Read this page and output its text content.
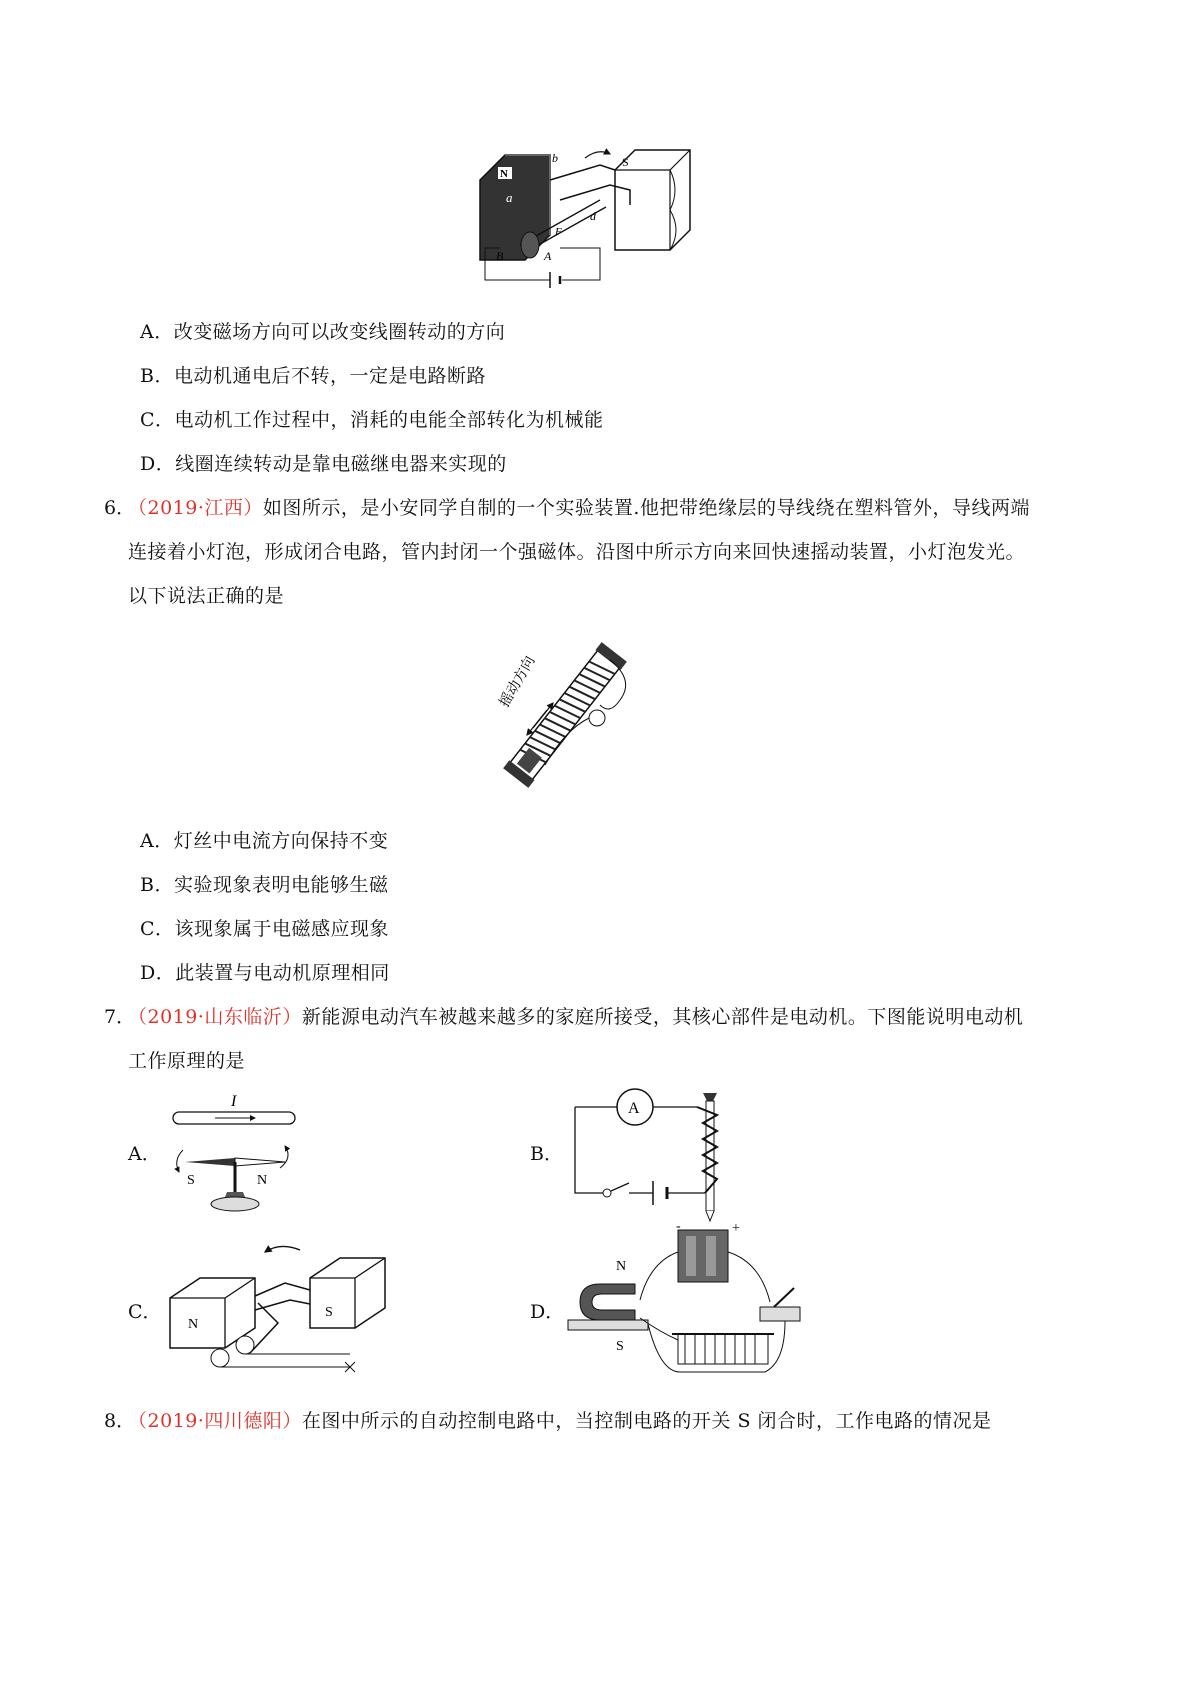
N
a
S
b
d
F
B	A
A．改变磁场方向可以改变线圈转动的方向
B．电动机通电后不转，一定是电路断路
C．电动机工作过程中，消耗的电能全部转化为机械能
D．线圈连续转动是靠电磁继电器来实现的
6．
（2019·江西）如图所示，是小安同学自制的一个实验装置.他把带绝缘层的导线绕在塑料管外，导线两端
连接着小灯泡，形成闭合电路，管内封闭一个强磁体。沿图中所示方向来回快速摇动装置，小灯泡发光。
以下说法正确的是
摇动方向
A．灯丝中电流方向保持不变
B．实验现象表明电能够生磁
C．该现象属于电磁感应现象
D．此装置与电动机原理相同
7．
（2019·山东临沂）新能源电动汽车被越来越多的家庭所接受，其核心部件是电动机。下图能说明电动机
工作原理的是
A．
I
S	N
B．
A
C．
N
S	D．
-	+
N
S
8．
（2019·四川德阳）在图中所示的自动控制电路中，当控制电路的开关 S 闭合时，工作电路的情况是
